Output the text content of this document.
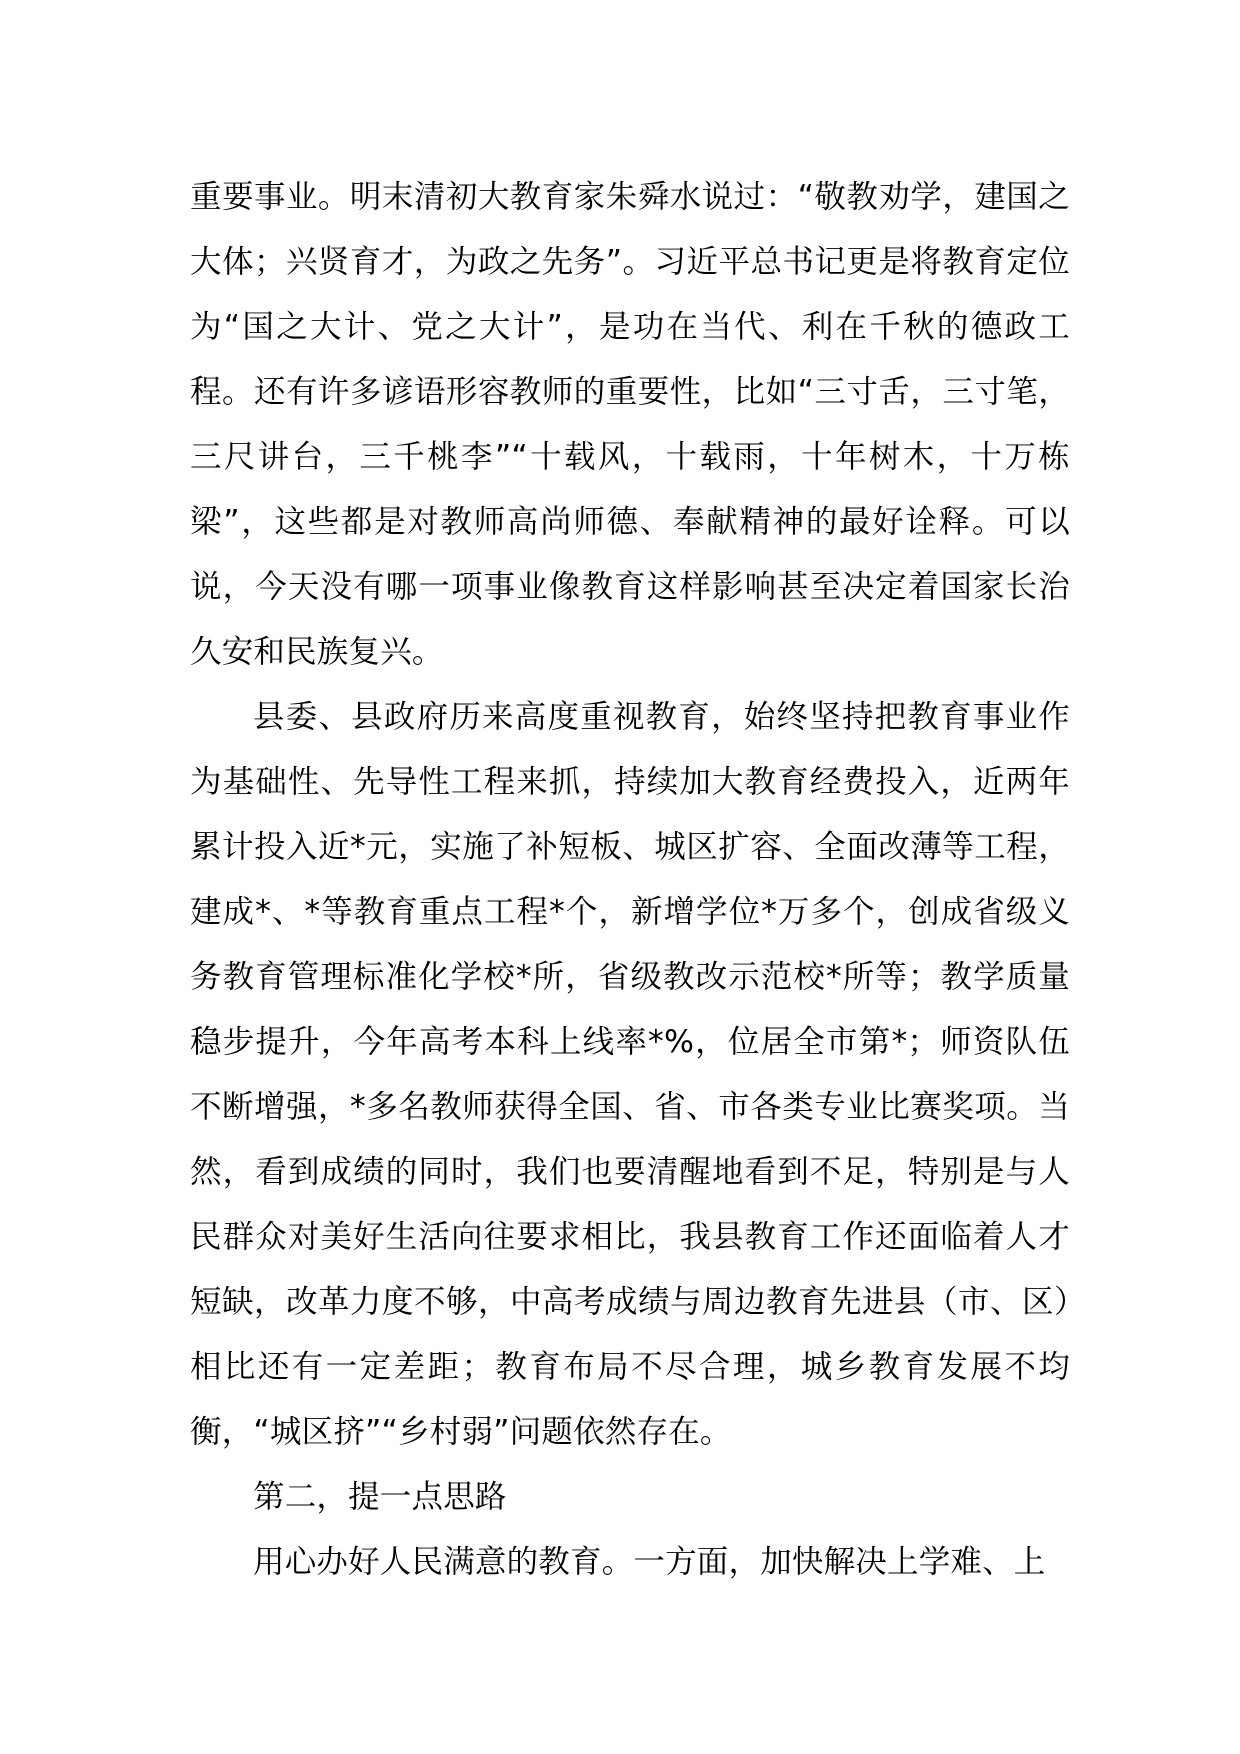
重要事业。明末清初大教育家朱舜水说过：“敬教劝学，建国之大体；兴贤育才，为政之先务”。习近平总书记更是将教育定位为“国之大计、党之大计”，是功在当代、利在千秋的德政工程。还有许多谚语形容教师的重要性，比如“三寸舌，三寸笔，三尺讲台，三千桃李”“十载风，十载雨，十年树木，十万栋梁”，这些都是对教师高尚师德、奉献精神的最好诠释。可以说，今天没有哪一项事业像教育这样影响甚至决定着国家长治久安和民族复兴。

县委、县政府历来高度重视教育，始终坚持把教育事业作为基础性、先导性工程来抓，持续加大教育经费投入，近两年累计投入近*元，实施了补短板、城区扩容、全面改薄等工程，建成*、*等教育重点工程*个，新增学位*万多个，创成省级义务教育管理标准化学校*所，省级教改示范校*所等；教学质量稳步提升，今年高考本科上线率*%，位居全市第*；师资队伍不断增强，*多名教师获得全国、省、市各类专业比赛奖项。当然，看到成绩的同时，我们也要清醒地看到不足，特别是与人民群众对美好生活向往要求相比，我县教育工作还面临着人才短缺，改革力度不够，中高考成绩与周边教育先进县（市、区）相比还有一定差距；教育布局不尽合理，城乡教育发展不均衡，“城区挤”“乡村弱”问题依然存在。

第二，提一点思路

用心办好人民满意的教育。一方面，加快解决上学难、上
